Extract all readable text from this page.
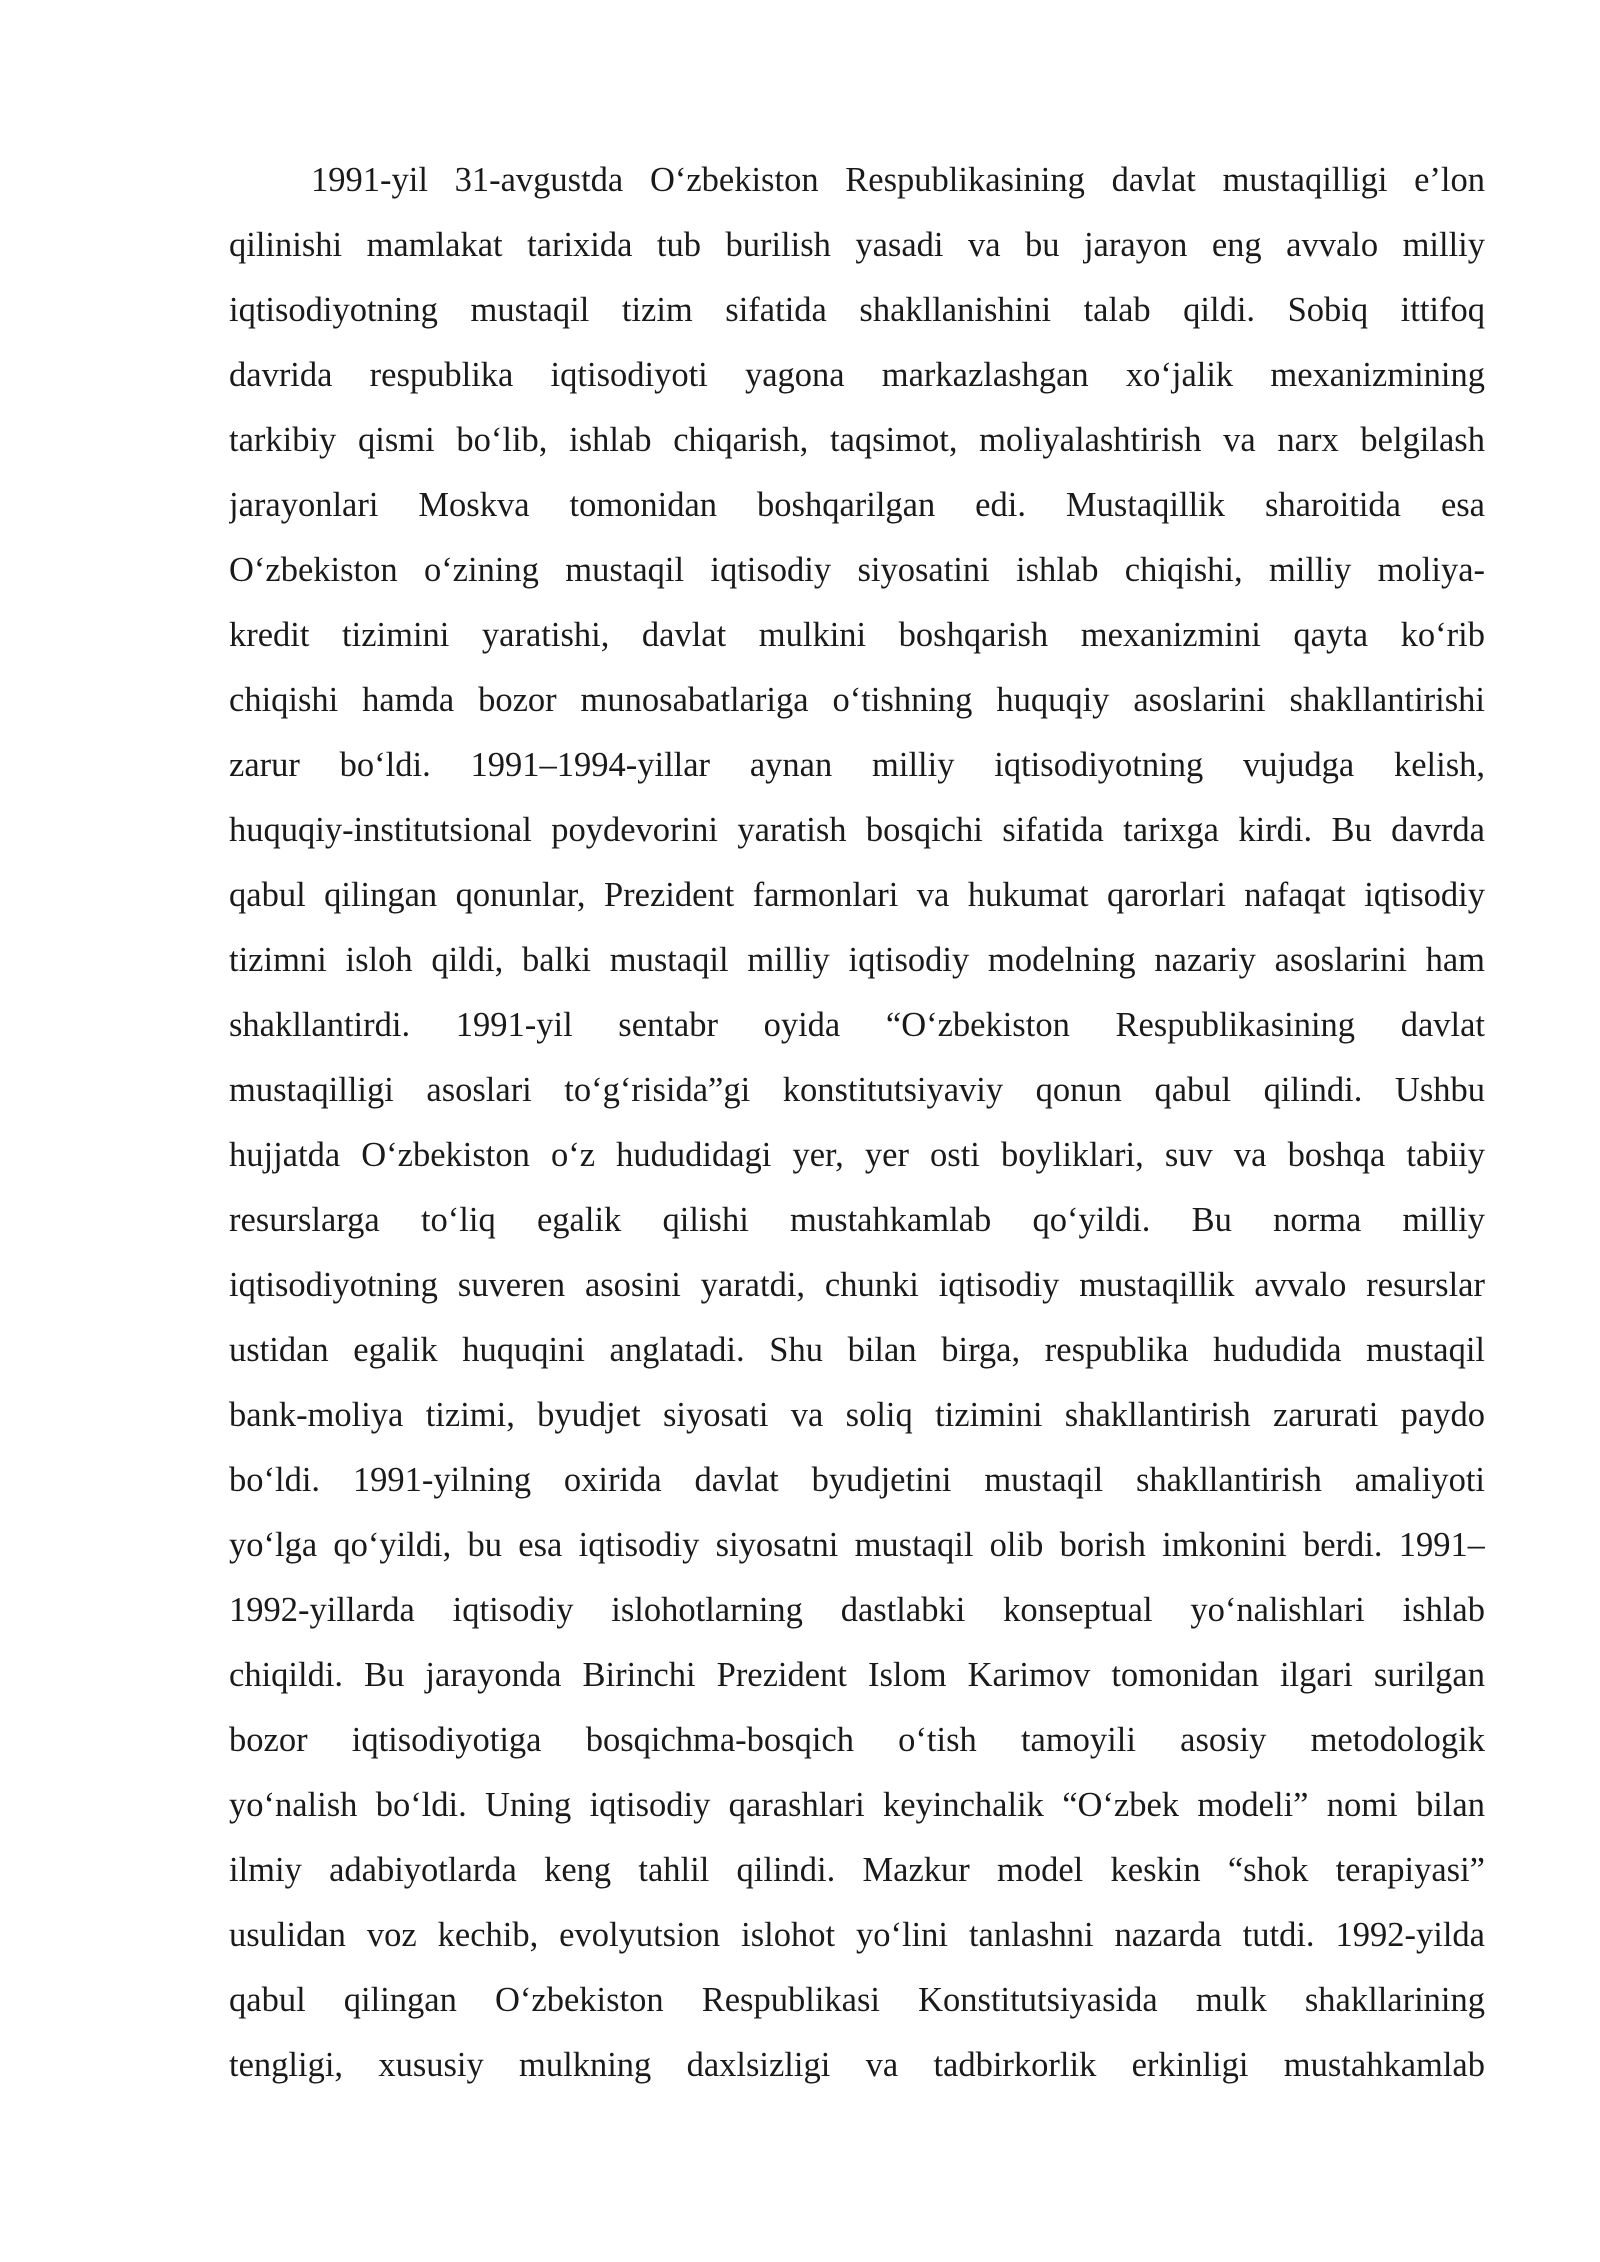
1991-yil 31-avgustda O‘zbekiston Respublikasining davlat mustaqilligi e’lon

qilinishi mamlakat tarixida tub burilish yasadi va bu jarayon eng avvalo milliy

iqtisodiyotning mustaqil tizim sifatida shakllanishini talab qildi. Sobiq ittifoq

davrida respublika iqtisodiyoti yagona markazlashgan xo‘jalik mexanizmining

tarkibiy qismi bo‘lib, ishlab chiqarish, taqsimot, moliyalashtirish va narx belgilash

jarayonlari Moskva tomonidan boshqarilgan edi. Mustaqillik sharoitida esa

O‘zbekiston o‘zining mustaqil iqtisodiy siyosatini ishlab chiqishi, milliy moliya-

kredit tizimini yaratishi, davlat mulkini boshqarish mexanizmini qayta ko‘rib

chiqishi hamda bozor munosabatlariga o‘tishning huquqiy asoslarini shakllantirishi

zarur bo‘ldi. 1991–1994-yillar aynan milliy iqtisodiyotning vujudga kelish,

huquqiy-institutsional poydevorini yaratish bosqichi sifatida tarixga kirdi. Bu davrda

qabul qilingan qonunlar, Prezident farmonlari va hukumat qarorlari nafaqat iqtisodiy

tizimni isloh qildi, balki mustaqil milliy iqtisodiy modelning nazariy asoslarini ham

shakllantirdi. 1991-yil sentabr oyida “O‘zbekiston Respublikasining davlat

mustaqilligi asoslari to‘g‘risida”gi konstitutsiyaviy qonun qabul qilindi. Ushbu

hujjatda O‘zbekiston o‘z hududidagi yer, yer osti boyliklari, suv va boshqa tabiiy

resurslarga to‘liq egalik qilishi mustahkamlab qo‘yildi. Bu norma milliy

iqtisodiyotning suveren asosini yaratdi, chunki iqtisodiy mustaqillik avvalo resurslar

ustidan egalik huquqini anglatadi. Shu bilan birga, respublika hududida mustaqil

bank-moliya tizimi, byudjet siyosati va soliq tizimini shakllantirish zarurati paydo

bo‘ldi. 1991-yilning oxirida davlat byudjetini mustaqil shakllantirish amaliyoti

yo‘lga qo‘yildi, bu esa iqtisodiy siyosatni mustaqil olib borish imkonini berdi. 1991–

1992-yillarda iqtisodiy islohotlarning dastlabki konseptual yo‘nalishlari ishlab

chiqildi. Bu jarayonda Birinchi Prezident Islom Karimov tomonidan ilgari surilgan

bozor iqtisodiyotiga bosqichma-bosqich o‘tish tamoyili asosiy metodologik

yo‘nalish bo‘ldi. Uning iqtisodiy qarashlari keyinchalik “O‘zbek modeli” nomi bilan

ilmiy adabiyotlarda keng tahlil qilindi. Mazkur model keskin “shok terapiyasi”

usulidan voz kechib, evolyutsion islohot yo‘lini tanlashni nazarda tutdi. 1992-yilda

qabul qilingan O‘zbekiston Respublikasi Konstitutsiyasida mulk shakllarining

tengligi, xususiy mulkning daxlsizligi va tadbirkorlik erkinligi mustahkamlab
